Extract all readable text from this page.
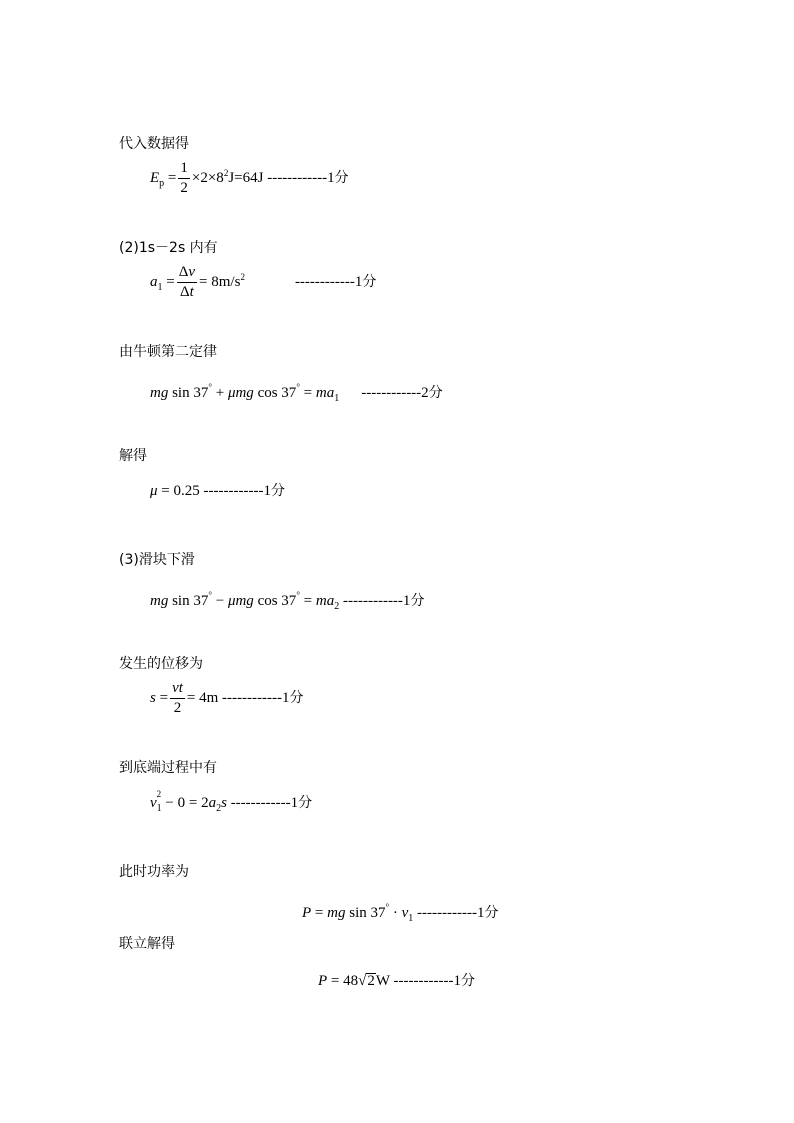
代入数据得
$E_p = \frac{1}{2} \times 2\times 8^2J=64J$ ------------1分
(2)1s－2s 内有
$a_1 = \frac{\Delta v}{\Delta t} = 8m/s^2$	------------1分
由牛顿第二定律
mg sin 37° + μmg $\cos 37^\circ = ma_1$ ------------2分
解得
μ = 0.25 ------------1分
(3)滑块下滑
mg sin 37° − μmg $\cos 37^\circ = ma_2$ ------------1分
发生的位移为
$s = \frac{vt}{2} = 4m$ ------------1分
到底端过程中有
$v_1$
2
− $0 = 2a_2s$ ------------1分
此时功率为
P = mg $\sin 37^\circ \cdot v_1$ ------------1分
联立解得
P = 48√2W ------------1分
